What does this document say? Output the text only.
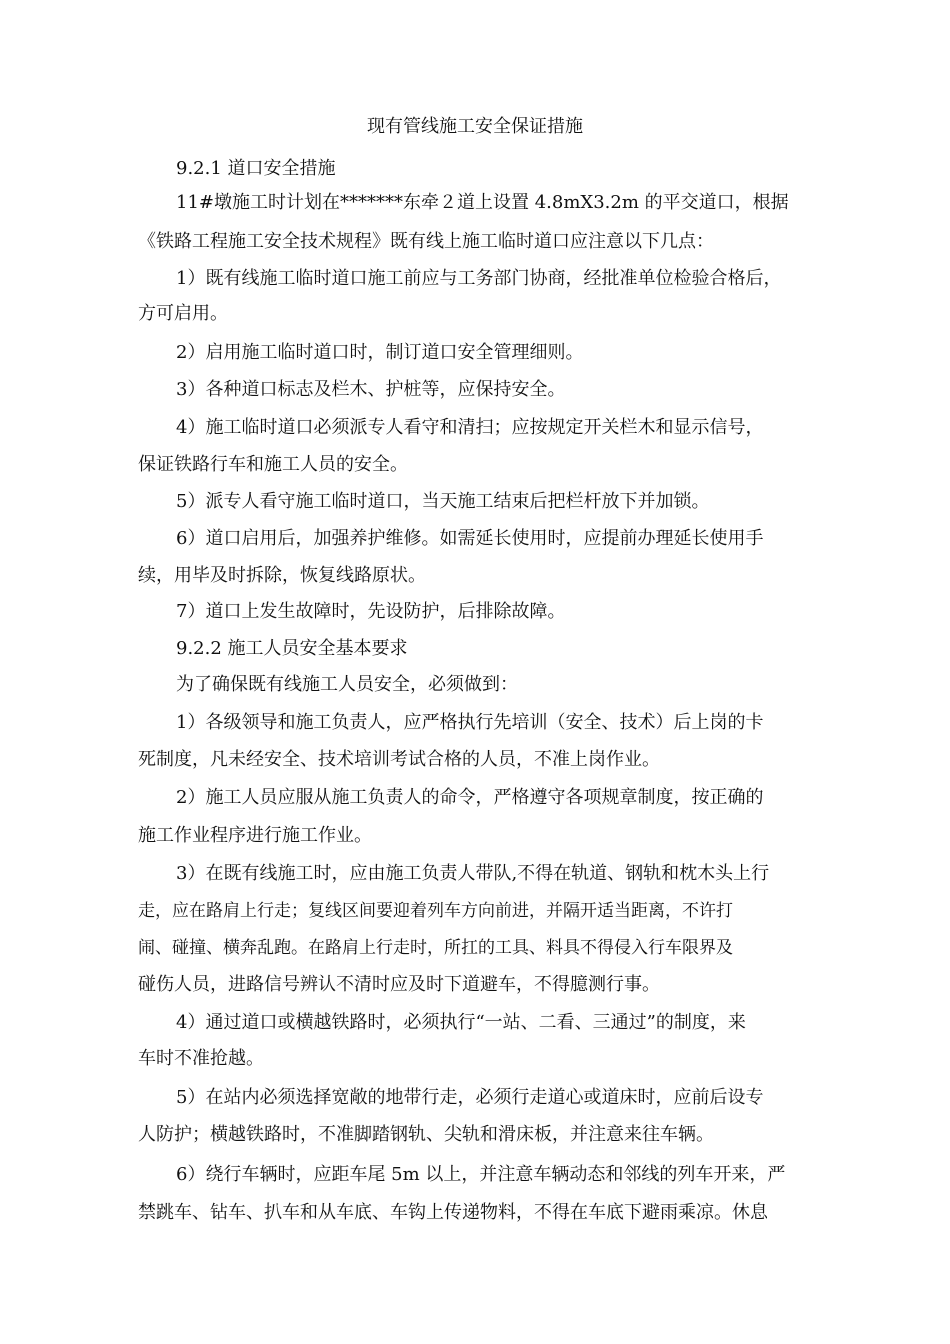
现有管线施工安全保证措施

9.2.1 道口安全措施

11#墩施工时计划在*******东牵２道上设置 4.8mX3.2m 的平交道口，根据

《铁路工程施工安全技术规程》既有线上施工临时道口应注意以下几点：

1）既有线施工临时道口施工前应与工务部门协商，经批准单位检验合格后，

方可启用。

2）启用施工临时道口时，制订道口安全管理细则。

3）各种道口标志及栏木、护桩等，应保持安全。

4）施工临时道口必须派专人看守和清扫；应按规定开关栏木和显示信号，

保证铁路行车和施工人员的安全。

5）派专人看守施工临时道口，当天施工结束后把栏杆放下并加锁。

6）道口启用后，加强养护维修。如需延长使用时，应提前办理延长使用手

续，用毕及时拆除，恢复线路原状。

7）道口上发生故障时，先设防护，后排除故障。

9.2.2 施工人员安全基本要求

为了确保既有线施工人员安全，必须做到：

1）各级领导和施工负责人，应严格执行先培训（安全、技术）后上岗的卡

死制度，凡未经安全、技术培训考试合格的人员，不准上岗作业。

2）施工人员应服从施工负责人的命令，严格遵守各项规章制度，按正确的

施工作业程序进行施工作业。

3）在既有线施工时，应由施工负责人带队,不得在轨道、钢轨和枕木头上行

走，应在路肩上行走；复线区间要迎着列车方向前进，并隔开适当距离，不许打

闹、碰撞、横奔乱跑。在路肩上行走时，所扛的工具、料具不得侵入行车限界及

碰伤人员，进路信号辨认不清时应及时下道避车，不得臆测行事。

4）通过道口或横越铁路时，必须执行“一站、二看、三通过”的制度，来

车时不准抢越。

5）在站内必须选择宽敞的地带行走，必须行走道心或道床时，应前后设专

人防护；横越铁路时，不准脚踏钢轨、尖轨和滑床板，并注意来往车辆。

6）绕行车辆时，应距车尾 5m 以上，并注意车辆动态和邻线的列车开来，严

禁跳车、钻车、扒车和从车底、车钩上传递物料，不得在车底下避雨乘凉。休息
